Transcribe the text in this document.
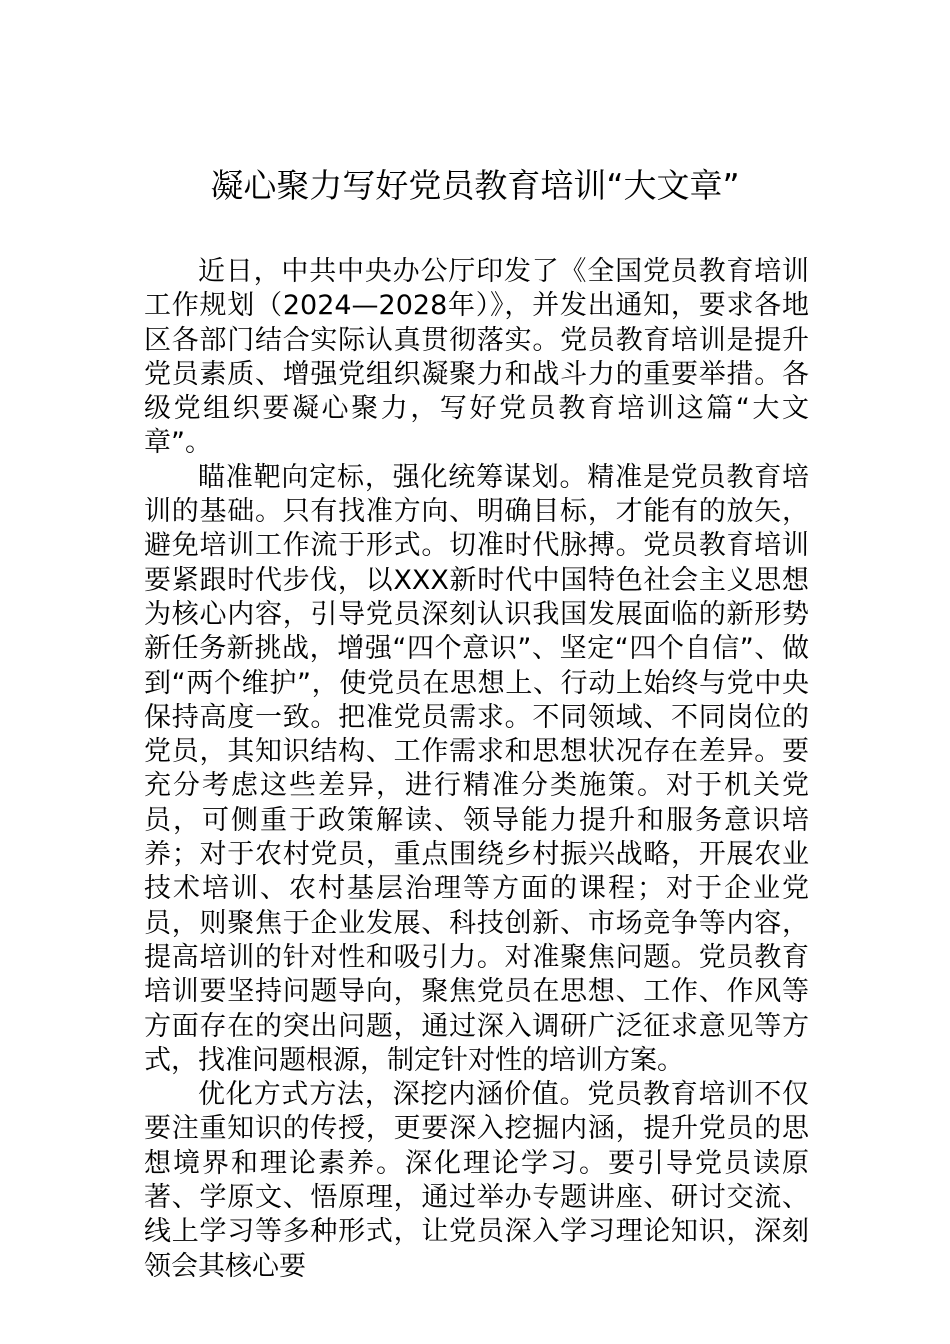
凝心聚力写好党员教育培训“大文章”

近日，中共中央办公厅印发了《全国党员教育培训工作规划（2024—2028年）》，并发出通知，要求各地区各部门结合实际认真贯彻落实。党员教育培训是提升党员素质、增强党组织凝聚力和战斗力的重要举措。各级党组织要凝心聚力，写好党员教育培训这篇“大文章”。

瞄准靶向定标，强化统筹谋划。精准是党员教育培训的基础。只有找准方向、明确目标，才能有的放矢，避免培训工作流于形式。切准时代脉搏。党员教育培训要紧跟时代步伐，以XXX新时代中国特色社会主义思想为核心内容，引导党员深刻认识我国发展面临的新形势新任务新挑战，增强“四个意识”、坚定“四个自信”、做到“两个维护”，使党员在思想上、行动上始终与党中央保持高度一致。把准党员需求。不同领域、不同岗位的党员，其知识结构、工作需求和思想状况存在差异。要充分考虑这些差异，进行精准分类施策。对于机关党员，可侧重于政策解读、领导能力提升和服务意识培养；对于农村党员，重点围绕乡村振兴战略，开展农业技术培训、农村基层治理等方面的课程；对于企业党员，则聚焦于企业发展、科技创新、市场竞争等内容，提高培训的针对性和吸引力。对准聚焦问题。党员教育培训要坚持问题导向，聚焦党员在思想、工作、作风等方面存在的突出问题，通过深入调研广泛征求意见等方式，找准问题根源，制定针对性的培训方案。

优化方式方法，深挖内涵价值。党员教育培训不仅要注重知识的传授，更要深入挖掘内涵，提升党员的思想境界和理论素养。深化理论学习。要引导党员读原著、学原文、悟原理，通过举办专题讲座、研讨交流、线上学习等多种形式，让党员深入学习理论知识，深刻领会其核心要
